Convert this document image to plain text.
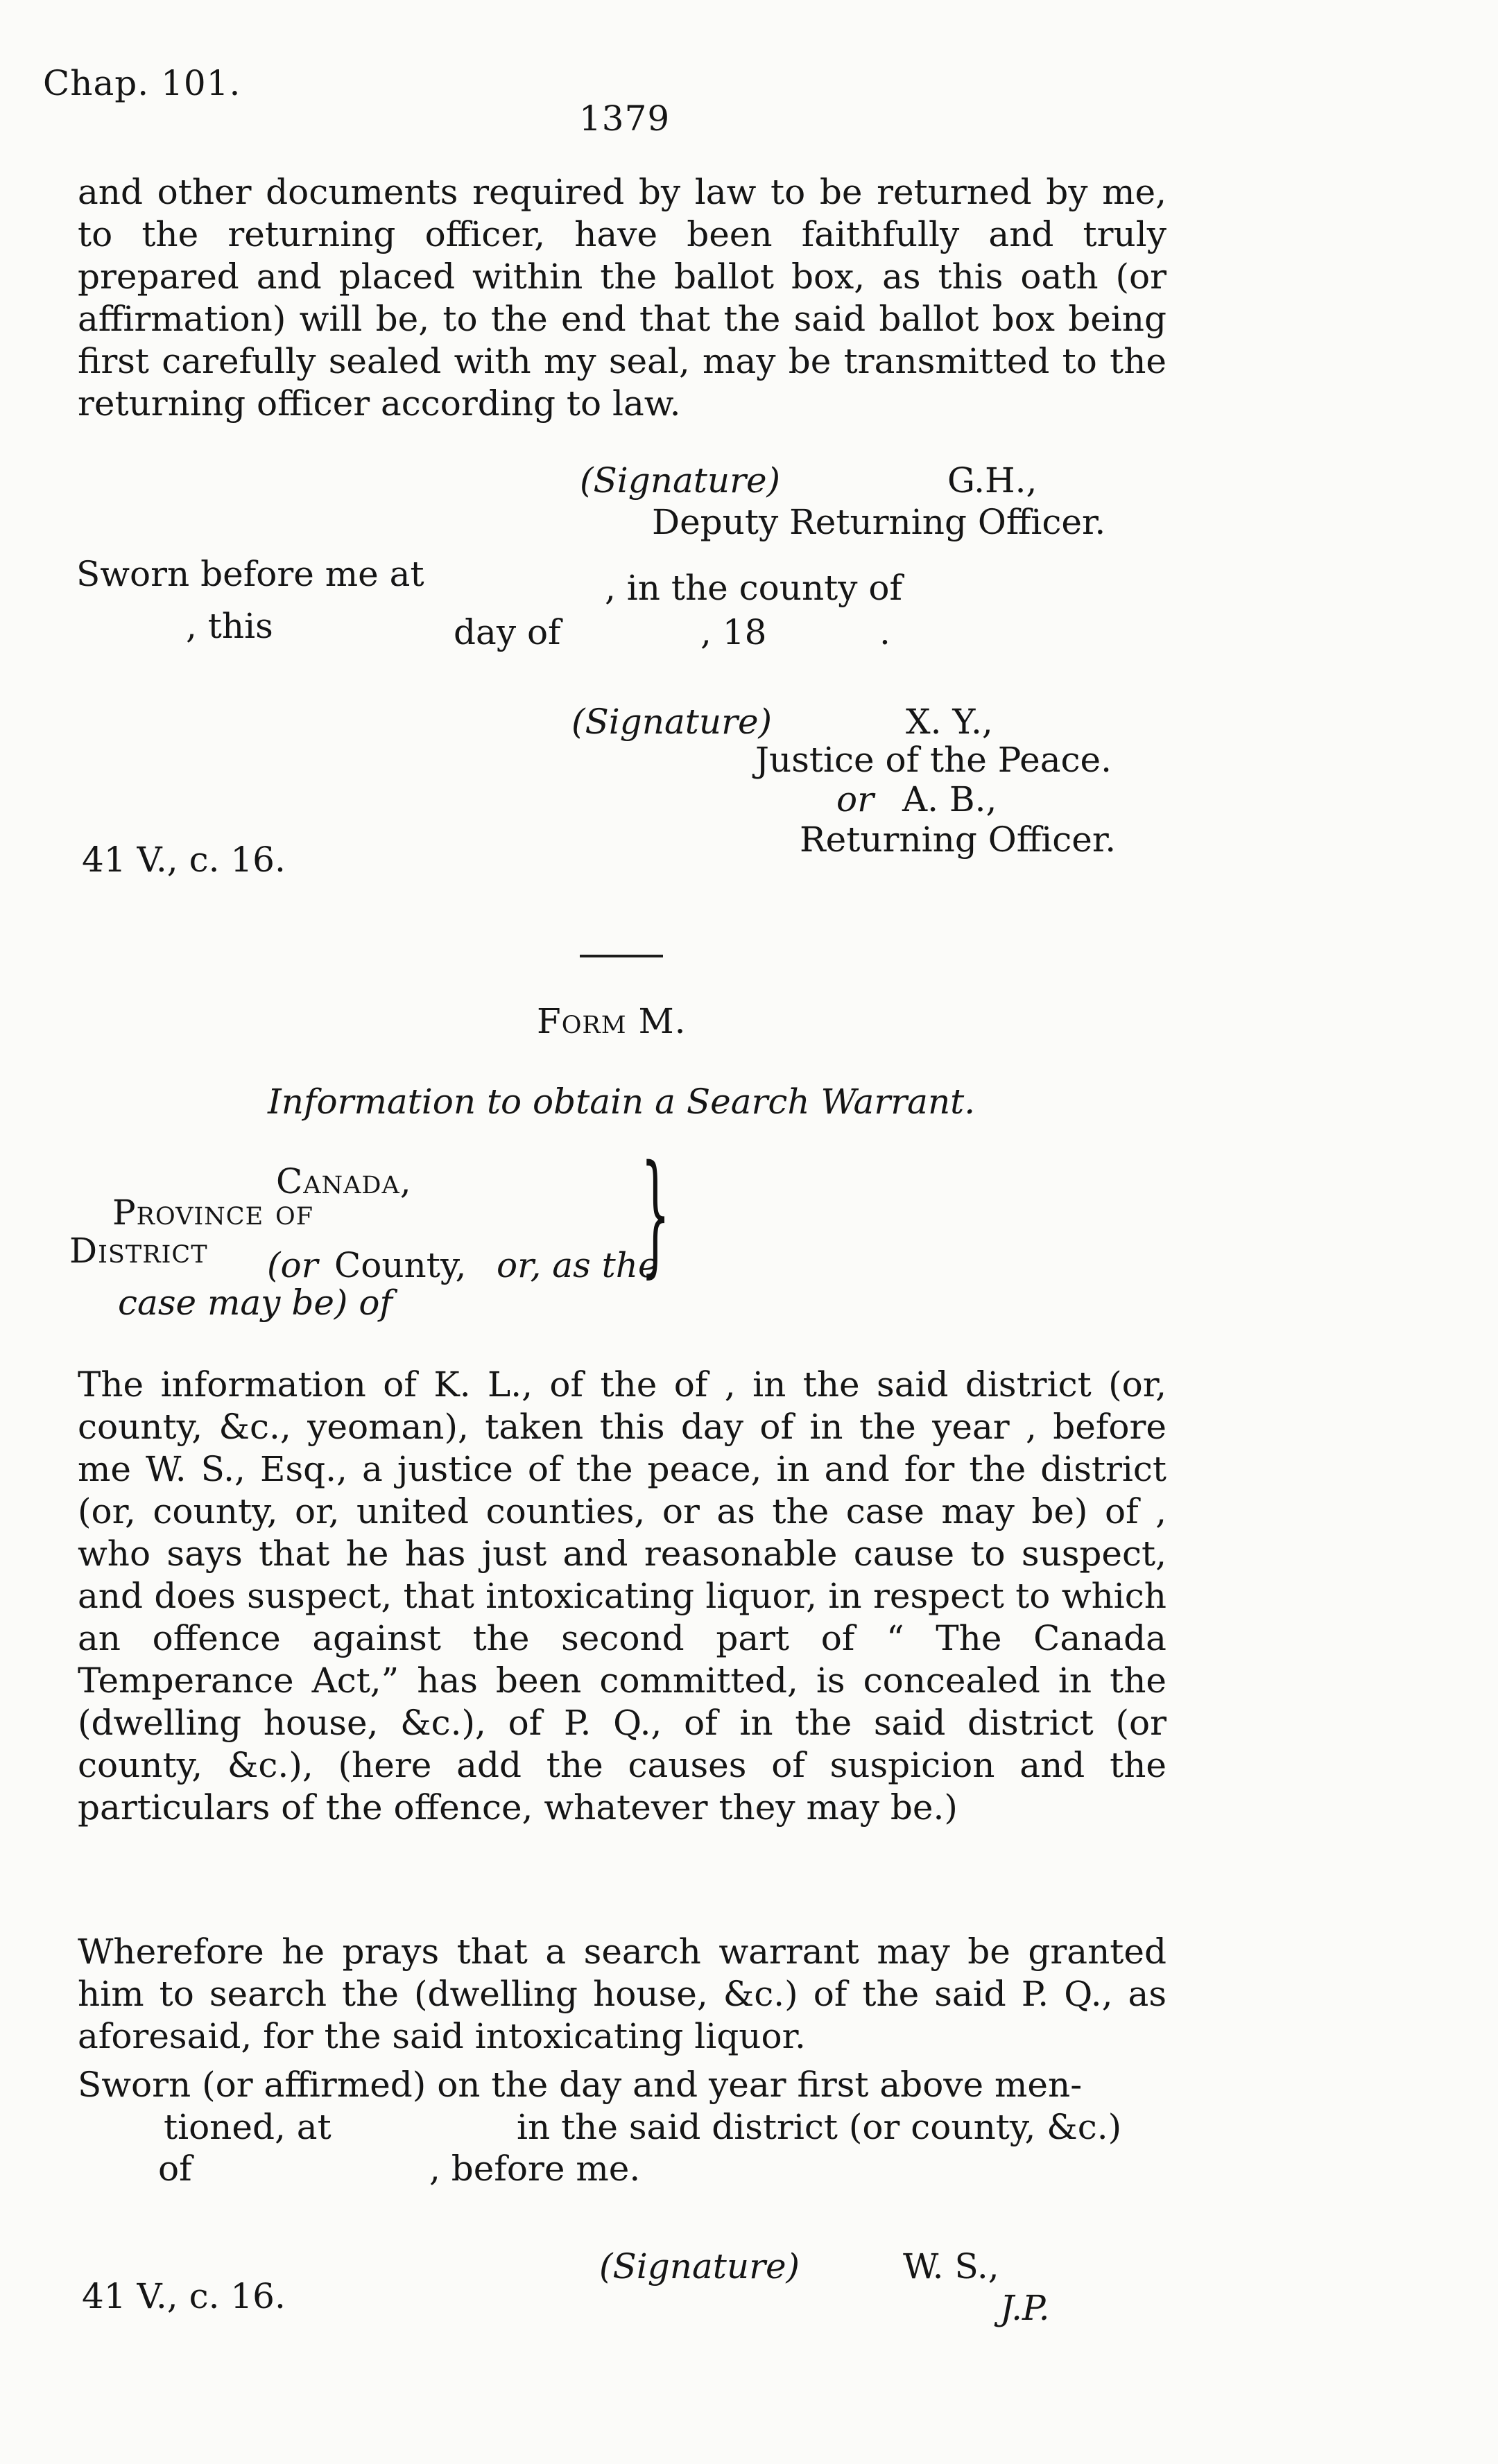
Chap. 101.
1379
and other documents required by law to be returned by me, to the returning officer, have been faithfully and truly prepared and placed within the ballot box, as this oath (or affirmation) will be, to the end that the said ballot box being first carefully sealed with my seal, may be transmitted to the returning officer according to law.
(Signature)	G.H.,
Deputy Returning Officer.
Sworn before me at	, in the county of
, this	day of	, 18	.
(Signature)	X. Y.,
Justice of the Peace.
or A. B.,
Returning Officer.
41 V., c. 16.
Form M.
Information to obtain a Search Warrant.
Canada,
Province of
District (or County, or, as the
case may be) of
}
The information of K. L., of the of , in the said district (or, county, &c., yeoman), taken this day of in the year , before me W. S., Esq., a justice of the peace, in and for the district (or, county, or, united counties, or as the case may be) of , who says that he has just and reasonable cause to suspect, and does suspect, that intoxicating liquor, in respect to which an offence against the second part of “ The Canada Temperance Act,” has been committed, is concealed in the (dwelling house, &c.), of P. Q., of in the said district (or county, &c.), (here add the causes of suspicion and the particulars of the offence, whatever they may be.)
Wherefore he prays that a search warrant may be granted him to search the (dwelling house, &c.) of the said P. Q., as aforesaid, for the said intoxicating liquor.
Sworn (or affirmed) on the day and year first above men-
tioned, at	in the said district (or county, &c.)
of	, before me.
(Signature)	W. S.,
J.P.
41 V., c. 16.
